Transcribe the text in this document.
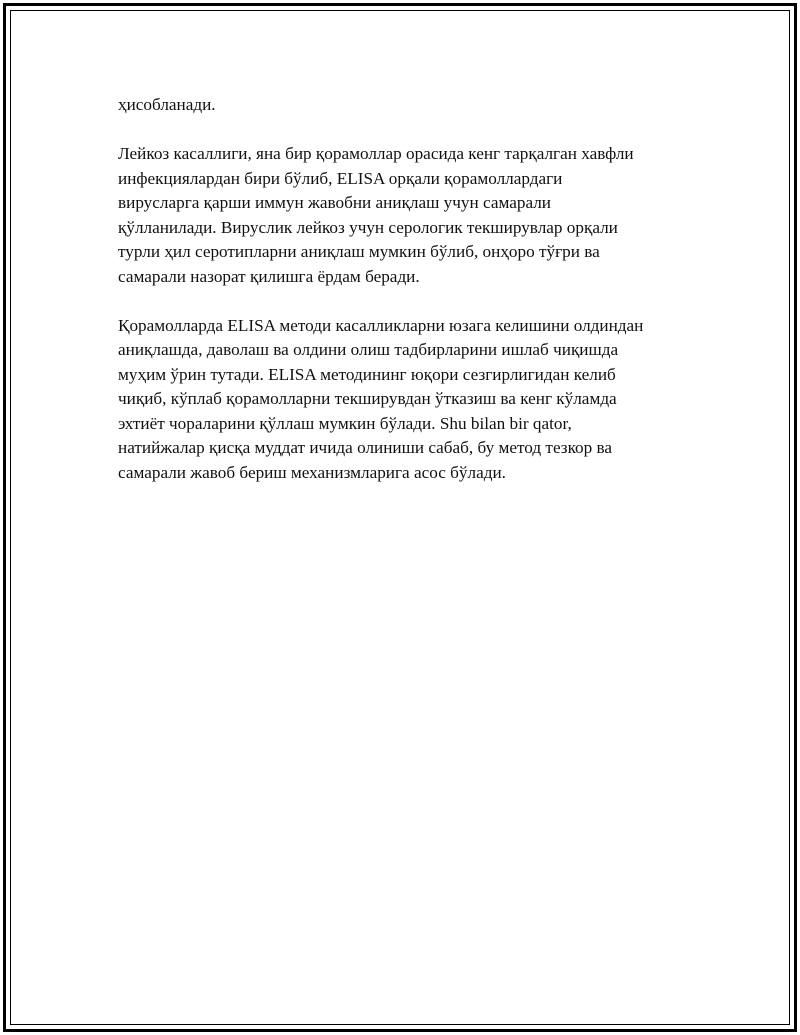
ҳисобланади.

Лейкоз касаллиги, яна бир қорамоллар орасида кенг тарқалган хавфли
инфекциялардан бири бўлиб, ELISA орқали қорамоллардаги
вирусларга қарши иммун жавобни аниқлаш учун самарали
қўлланилади. Вируслик лейкоз учун серологик текширувлар орқали
турли ҳил серотипларни аниқлаш мумкин бўлиб, онҳоро тўғри ва
самарали назорат қилишга ёрдам беради.

Қорамолларда ELISA методи касалликларни юзага келишини олдиндан
аниқлашда, даволаш ва олдини олиш тадбирларини ишлаб чиқишда
муҳим ўрин тутади. ELISA методининг юқори сезгирлигидан келиб
чиқиб, кўплаб қорамолларни текширувдан ўтказиш ва кенг кўламда
эхтиёт чораларини қўллаш мумкин бўлади. Shu bilan bir qator,
натийжалар қисқа муддат ичида олиниши сабаб, бу метод тезкор ва
самарали жавоб бериш механизмларига асос бўлади.
